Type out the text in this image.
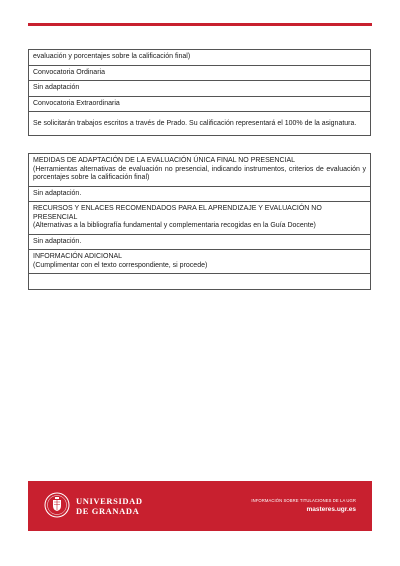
evaluación y porcentajes sobre la calificación final)

Convocatoria Ordinaria

Sin adaptación

Convocatoria Extraordinaria

Se solicitarán trabajos escritos a través de Prado. Su calificación representará el 100% de la asignatura.

MEDIDAS DE ADAPTACIÓN DE LA EVALUACIÓN ÚNICA FINAL NO PRESENCIAL

(Herramientas alternativas de evaluación no presencial, indicando instrumentos, criterios de evaluación y porcentajes sobre la calificación final)

Sin adaptación.

RECURSOS Y ENLACES RECOMENDADOS PARA EL APRENDIZAJE Y EVALUACIÓN NO PRESENCIAL

(Alternativas a la bibliografía fundamental y complementaria recogidas en la Guía Docente)

Sin adaptación.

INFORMACIÓN ADICIONAL

(Cumplimentar con el texto correspondiente, si procede)

UNIVERSIDAD
DE GRANADA
INFORMACIÓN SOBRE TITULACIONES DE LA UGR
masteres.ugr.es
